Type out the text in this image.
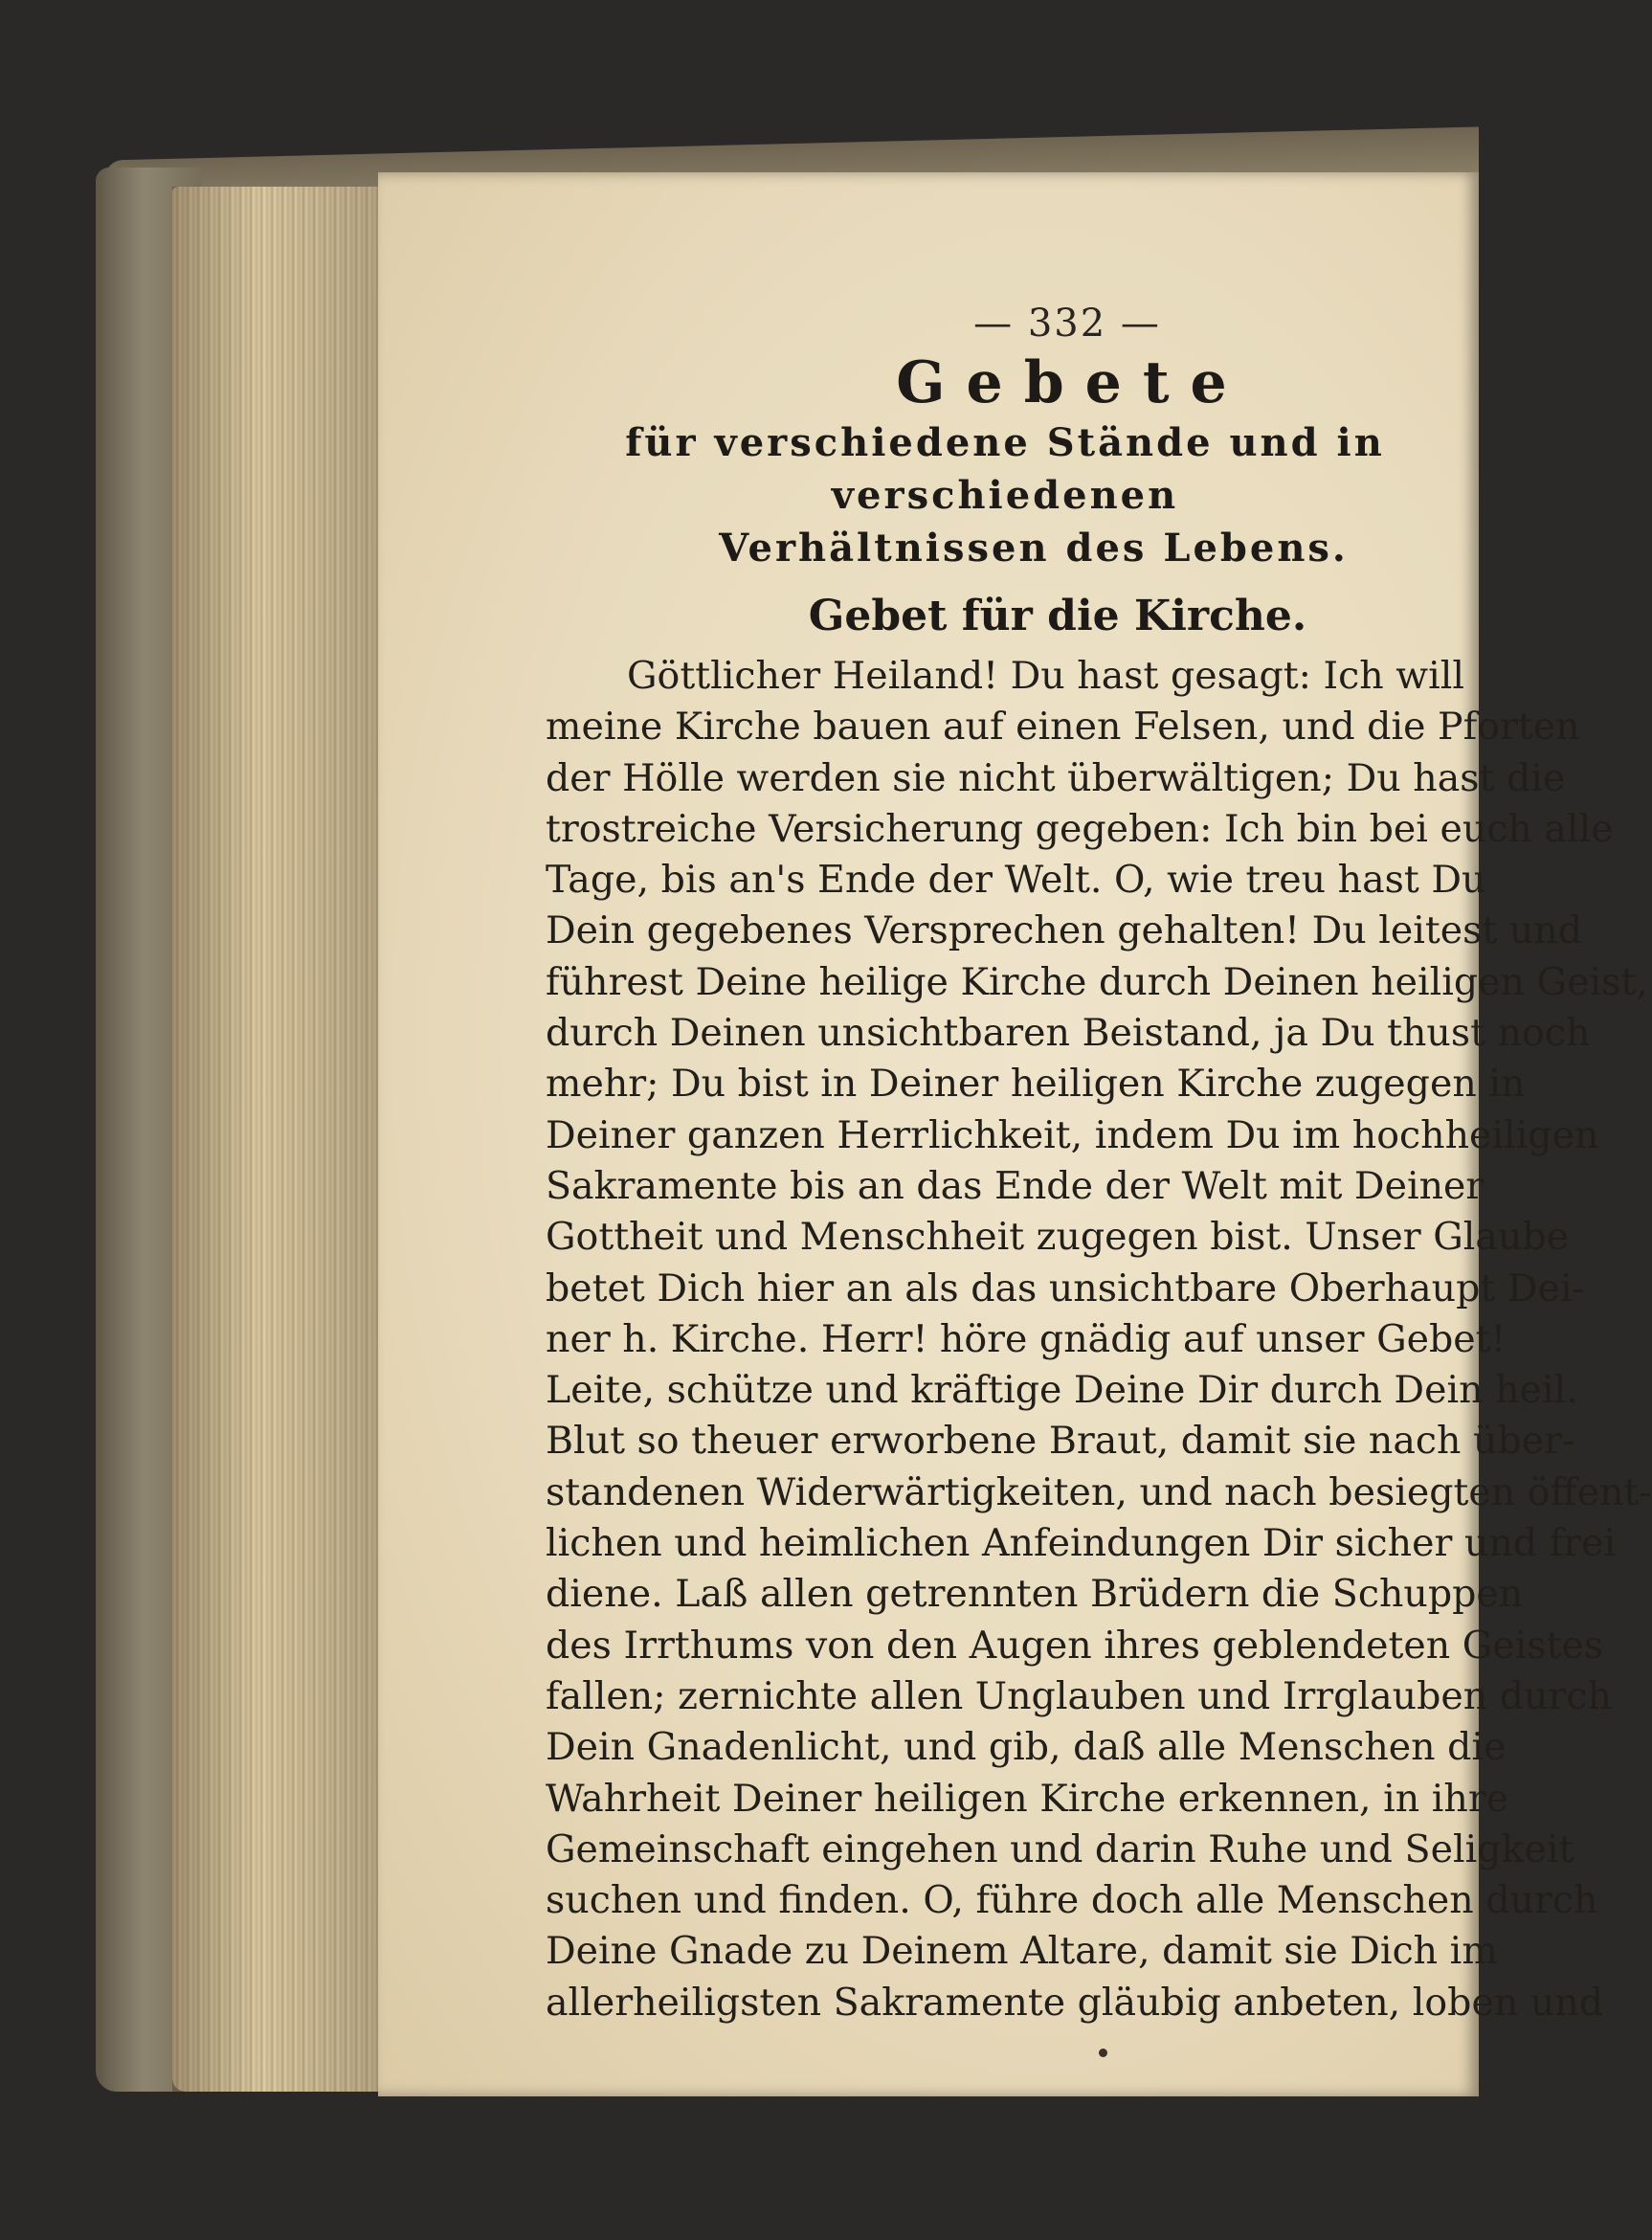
— 332 —
Gebete
für verschiedene Stände und in verschiedenen
Verhältnissen des Lebens.
Gebet für die Kirche.
Göttlicher Heiland! Du hast gesagt: Ich will
meine Kirche bauen auf einen Felsen, und die Pforten
der Hölle werden sie nicht überwältigen; Du hast die
trostreiche Versicherung gegeben: Ich bin bei euch alle
Tage, bis an's Ende der Welt. O, wie treu hast Du
Dein gegebenes Versprechen gehalten! Du leitest und
führest Deine heilige Kirche durch Deinen heiligen Geist,
durch Deinen unsichtbaren Beistand, ja Du thust noch
mehr; Du bist in Deiner heiligen Kirche zugegen in
Deiner ganzen Herrlichkeit, indem Du im hochheiligen
Sakramente bis an das Ende der Welt mit Deiner
Gottheit und Menschheit zugegen bist. Unser Glaube
betet Dich hier an als das unsichtbare Oberhaupt Dei-
ner h. Kirche. Herr! höre gnädig auf unser Gebet!
Leite, schütze und kräftige Deine Dir durch Dein heil.
Blut so theuer erworbene Braut, damit sie nach über-
standenen Widerwärtigkeiten, und nach besiegten öffent-
lichen und heimlichen Anfeindungen Dir sicher und frei
diene. Laß allen getrennten Brüdern die Schuppen
des Irrthums von den Augen ihres geblendeten Geistes
fallen; zernichte allen Unglauben und Irrglauben durch
Dein Gnadenlicht, und gib, daß alle Menschen die
Wahrheit Deiner heiligen Kirche erkennen, in ihre
Gemeinschaft eingehen und darin Ruhe und Seligkeit
suchen und finden. O, führe doch alle Menschen durch
Deine Gnade zu Deinem Altare, damit sie Dich im
allerheiligsten Sakramente gläubig anbeten, loben und
